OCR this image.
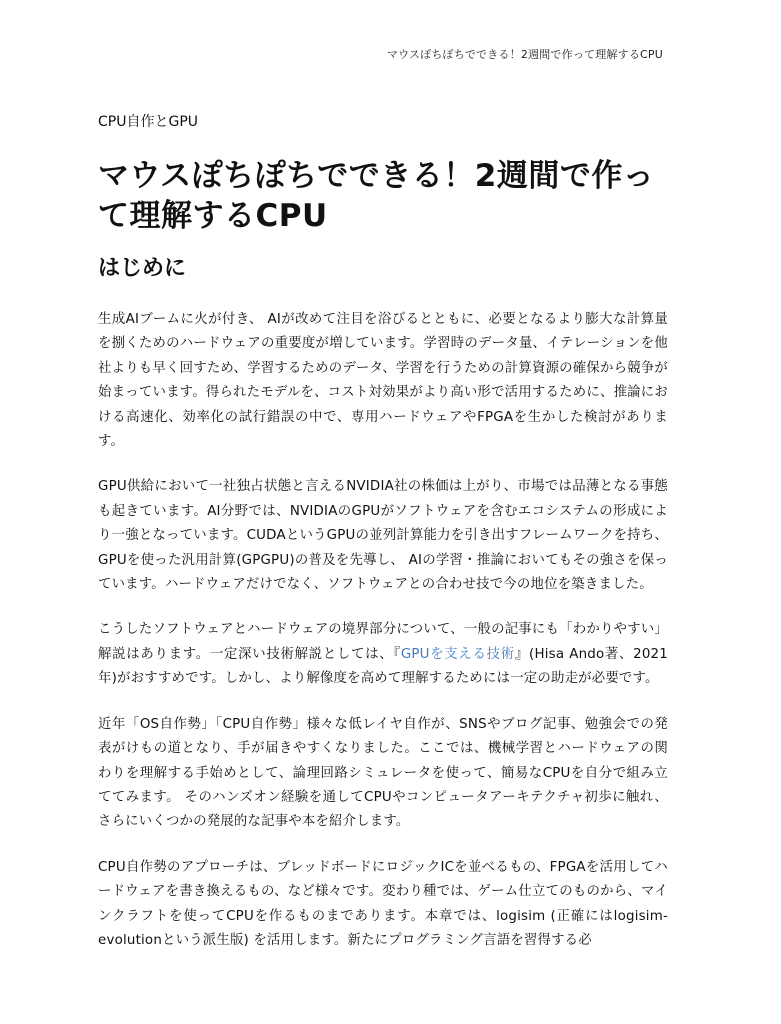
マウスぽちぽちでできる！2週間で作って理解するCPU

CPU自作とGPU

マウスぽちぽちでできる！2週間で作って理解するCPU
はじめに

生成AIブームに火が付き、 AIが改めて注目を浴びるとともに、必要となるより膨大な計算量を捌くためのハードウェアの重要度が増しています。学習時のデータ量、イテレーションを他社よりも早く回すため、学習するためのデータ、学習を行うための計算資源の確保から競争が始まっています。得られたモデルを、コスト対効果がより高い形で活用するために、推論における高速化、効率化の試行錯誤の中で、専用ハードウェアやFPGAを生かした検討があります。

GPU供給において一社独占状態と言えるNVIDIA社の株価は上がり、市場では品薄となる事態も起きています。AI分野では、NVIDIAのGPUがソフトウェアを含むエコシステムの形成により一強となっています。CUDAというGPUの並列計算能力を引き出すフレームワークを持ち、GPUを使った汎用計算(GPGPU)の普及を先導し、 AIの学習・推論においてもその強さを保っています。ハードウェアだけでなく、ソフトウェアとの合わせ技で今の地位を築きました。

こうしたソフトウェアとハードウェアの境界部分について、一般の記事にも「わかりやすい」解説はあります。一定深い技術解説としては、『GPUを支える技術』(Hisa Ando著、2021年)がおすすめです。しかし、より解像度を高めて理解するためには一定の助走が必要です。

近年「OS自作勢」「CPU自作勢」様々な低レイヤ自作が、SNSやブログ記事、勉強会での発表がけもの道となり、手が届きやすくなりました。ここでは、機械学習とハードウェアの関わりを理解する手始めとして、論理回路シミュレータを使って、簡易なCPUを自分で組み立ててみます。 そのハンズオン経験を通してCPUやコンピュータアーキテクチャ初歩に触れ、さらにいくつかの発展的な記事や本を紹介します。

CPU自作勢のアプローチは、ブレッドボードにロジックICを並べるもの、FPGAを活用してハードウェアを書き換えるもの、など様々です。変わり種では、ゲーム仕立てのものから、マインクラフトを使ってCPUを作るものまであります。本章では、logisim (正確にはlogisim-evolutionという派生版) を活用します。新たにプログラミング言語を習得する必
